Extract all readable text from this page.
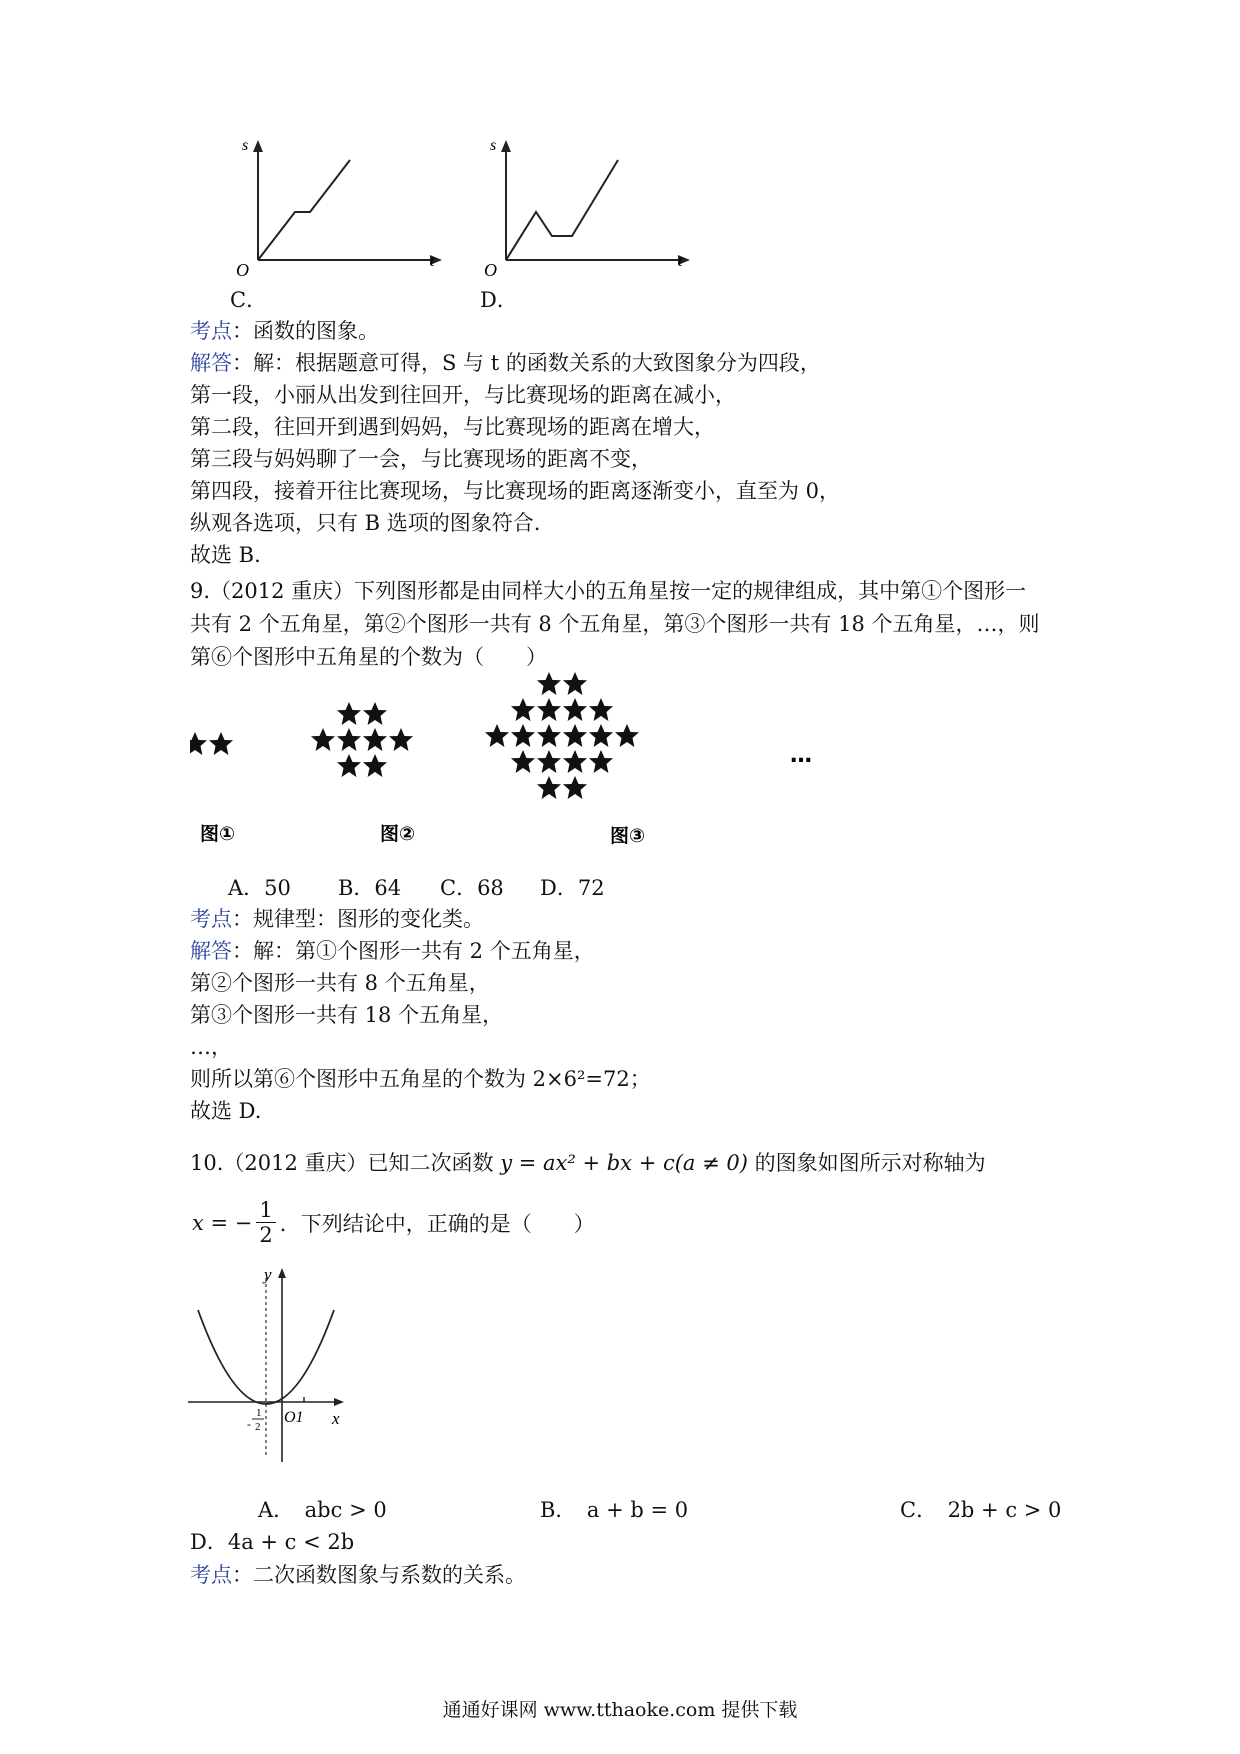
s
t
O
C．
s
t
O
D．
考点：函数的图象。
解答：解：根据题意可得，S 与 t 的函数关系的大致图象分为四段，
第一段，小丽从出发到往回开，与比赛现场的距离在减小，
第二段，往回开到遇到妈妈，与比赛现场的距离在增大，
第三段与妈妈聊了一会，与比赛现场的距离不变，
第四段，接着开往比赛现场，与比赛现场的距离逐渐变小，直至为 0，
纵观各选项，只有 B 选项的图象符合.
故选 B.
9.（2012 重庆）下列图形都是由同样大小的五角星按一定的规律组成，其中第①个图形一
共有 2 个五角星，第②个图形一共有 8 个五角星，第③个图形一共有 18 个五角星，…，则
第⑥个图形中五角星的个数为（　　）
图①	图②	图③
…
A．50 B．64 C．68 D．72
考点：规律型：图形的变化类。
解答：解：第①个图形一共有 2 个五角星，
第②个图形一共有 8 个五角星，
第③个图形一共有 18 个五角星，
…，
则所以第⑥个图形中五角星的个数为 2×6²=72；
故选 D.
10.（2012 重庆）已知二次函数 y = ax² + bx + c(a ≠ 0) 的图象如图所示对称轴为
x = − $\frac{1}{2}$ ．下列结论中，正确的是（　　）
y
x
O1
1
- 2
A．　abc > 0	B．　a + b = 0	C．　2b + c > 0
D．4a + c < 2b
考点：二次函数图象与系数的关系。
通通好课网 www.tthaoke.com 提供下载
